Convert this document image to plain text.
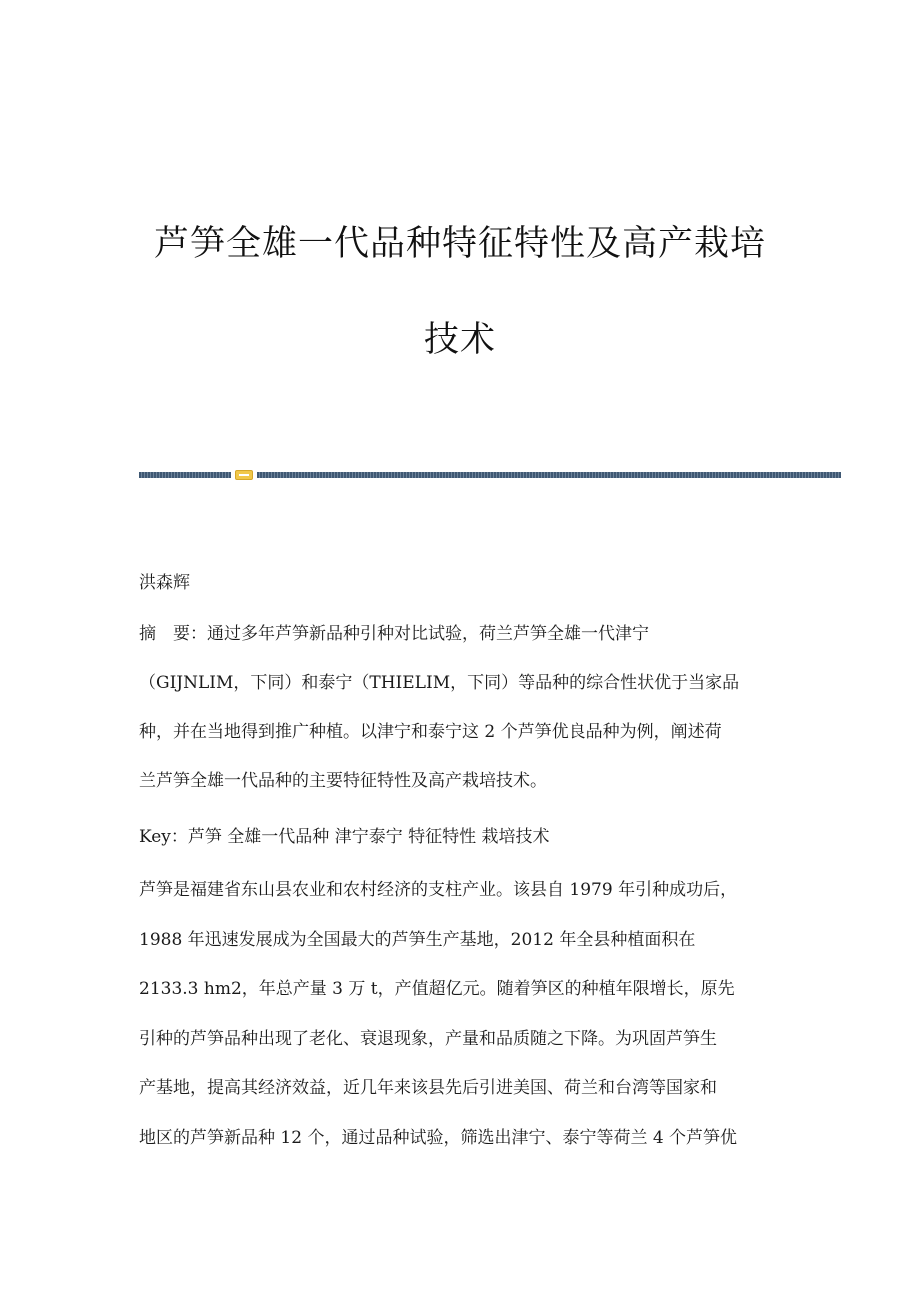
芦笋全雄一代品种特征特性及高产栽培
技术

洪森辉

摘　要：通过多年芦笋新品种引种对比试验，荷兰芦笋全雄一代津宁
（GIJNLIM，下同）和泰宁（THIELIM，下同）等品种的综合性状优于当家品
种，并在当地得到推广种植。以津宁和泰宁这 2 个芦笋优良品种为例，阐述荷
兰芦笋全雄一代品种的主要特征特性及高产栽培技术。

Key：芦笋 全雄一代品种 津宁泰宁 特征特性 栽培技术

芦笋是福建省东山县农业和农村经济的支柱产业。该县自 1979 年引种成功后，
1988 年迅速发展成为全国最大的芦笋生产基地，2012 年全县种植面积在
2133.3 hm2，年总产量 3 万 t，产值超亿元。随着笋区的种植年限增长，原先
引种的芦笋品种出现了老化、衰退现象，产量和品质随之下降。为巩固芦笋生
产基地，提高其经济效益，近几年来该县先后引进美国、荷兰和台湾等国家和
地区的芦笋新品种 12 个，通过品种试验，筛选出津宁、泰宁等荷兰 4 个芦笋优
